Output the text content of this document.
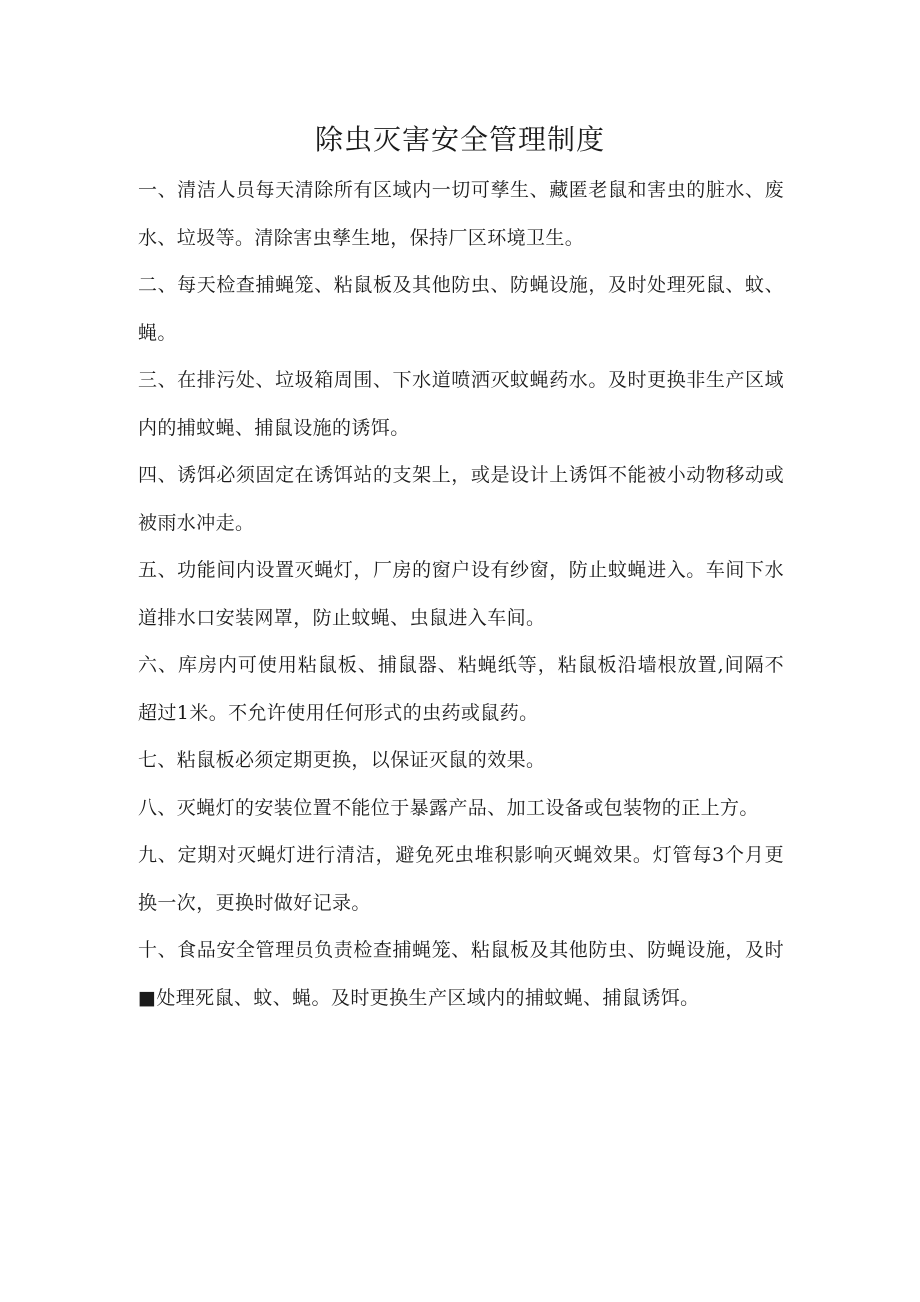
除虫灭害安全管理制度
一、清洁人员每天清除所有区域内一切可孳生、藏匿老鼠和害虫的脏水、废水、垃圾等。清除害虫孳生地，保持厂区环境卫生。
二、每天检查捕蝇笼、粘鼠板及其他防虫、防蝇设施，及时处理死鼠、蚊、蝇。
三、在排污处、垃圾箱周围、下水道喷洒灭蚊蝇药水。及时更换非生产区域内的捕蚊蝇、捕鼠设施的诱饵。
四、诱饵必须固定在诱饵站的支架上，或是设计上诱饵不能被小动物移动或被雨水冲走。
五、功能间内设置灭蝇灯，厂房的窗户设有纱窗，防止蚊蝇进入。车间下水道排水口安装网罩，防止蚊蝇、虫鼠进入车间。
六、库房内可使用粘鼠板、捕鼠器、粘蝇纸等，粘鼠板沿墙根放置,间隔不超过1米。不允许使用任何形式的虫药或鼠药。
七、粘鼠板必须定期更换，以保证灭鼠的效果。
八、灭蝇灯的安装位置不能位于暴露产品、加工设备或包装物的正上方。
九、定期对灭蝇灯进行清洁，避免死虫堆积影响灭蝇效果。灯管每3个月更换一次，更换时做好记录。
十、食品安全管理员负责检查捕蝇笼、粘鼠板及其他防虫、防蝇设施，及时■处理死鼠、蚊、蝇。及时更换生产区域内的捕蚊蝇、捕鼠诱饵。
